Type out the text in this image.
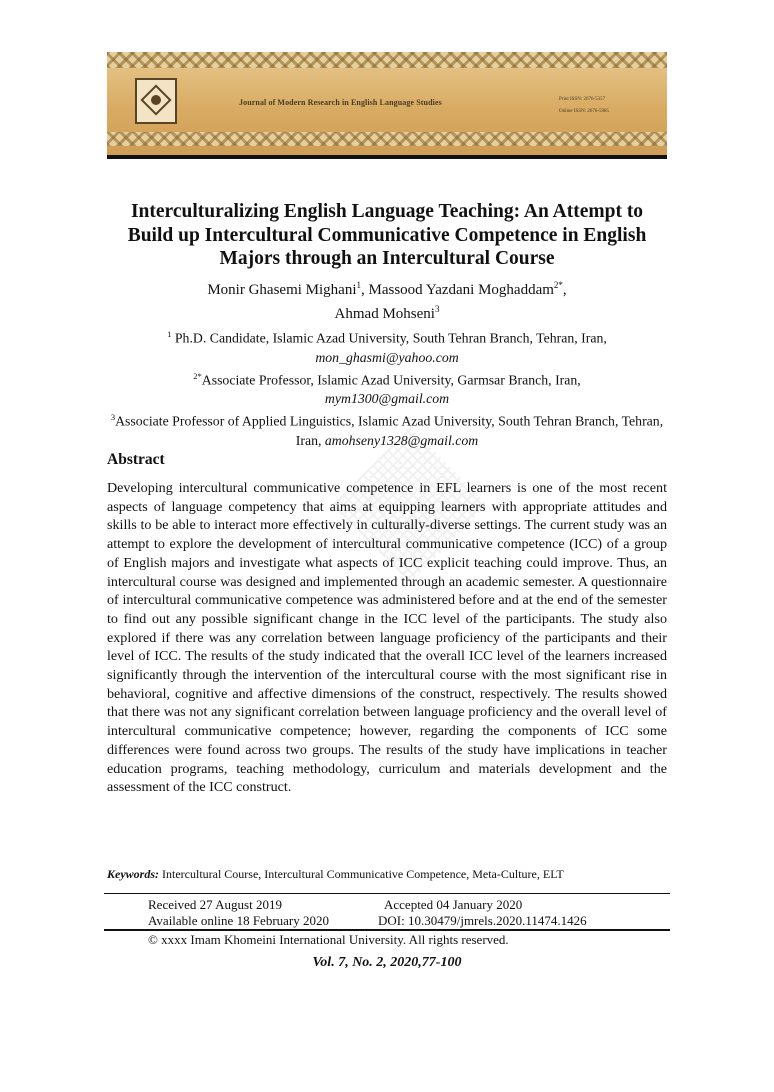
Journal of Modern Research in English Language Studies	Print ISSN: 2676-5357
Online ISSN: 2676-5985
Interculturalizing English Language Teaching: An Attempt to Build up Intercultural Communicative Competence in English Majors through an Intercultural Course
Monir Ghasemi Mighani$^1$, Massood Yazdani Moghaddam$^{2*}$,
Ahmad Mohseni$^3$
$^1$ Ph.D. Candidate, Islamic Azad University, South Tehran Branch, Tehran, Iran,
mon_ghasmi@yahoo.com
$^{2*}$Associate Professor, Islamic Azad University, Garmsar Branch, Iran,
mym1300@gmail.com
$^3$Associate Professor of Applied Linguistics, Islamic Azad University, South Tehran Branch, Tehran, Iran, amohseny1328@gmail.com
Abstract

Developing intercultural communicative competence in EFL learners is one of the most recent aspects of language competency that aims at equipping learners with appropriate attitudes and skills to be able to interact more effectively in culturally-diverse settings. The current study was an attempt to explore the development of intercultural communicative competence (ICC) of a group of English majors and investigate what aspects of ICC explicit teaching could improve. Thus, an intercultural course was designed and implemented through an academic semester. A questionnaire of intercultural communicative competence was administered before and at the end of the semester to find out any possible significant change in the ICC level of the participants. The study also explored if there was any correlation between language proficiency of the participants and their level of ICC. The results of the study indicated that the overall ICC level of the learners increased significantly through the intervention of the intercultural course with the most significant rise in behavioral, cognitive and affective dimensions of the construct, respectively. The results showed that there was not any significant correlation between language proficiency and the overall level of intercultural communicative competence; however, regarding the components of ICC some differences were found across two groups. The results of the study have implications in teacher education programs, teaching methodology, curriculum and materials development and the assessment of the ICC construct.

Keywords: Intercultural Course, Intercultural Communicative Competence, Meta-Culture, ELT
Received 27 August 2019	Accepted 04 January 2020
Available online 18 February 2020	DOI: 10.30479/jmrels.2020.11474.1426
© xxxx Imam Khomeini International University. All rights reserved.
Vol. 7, No. 2, 2020,77-100
